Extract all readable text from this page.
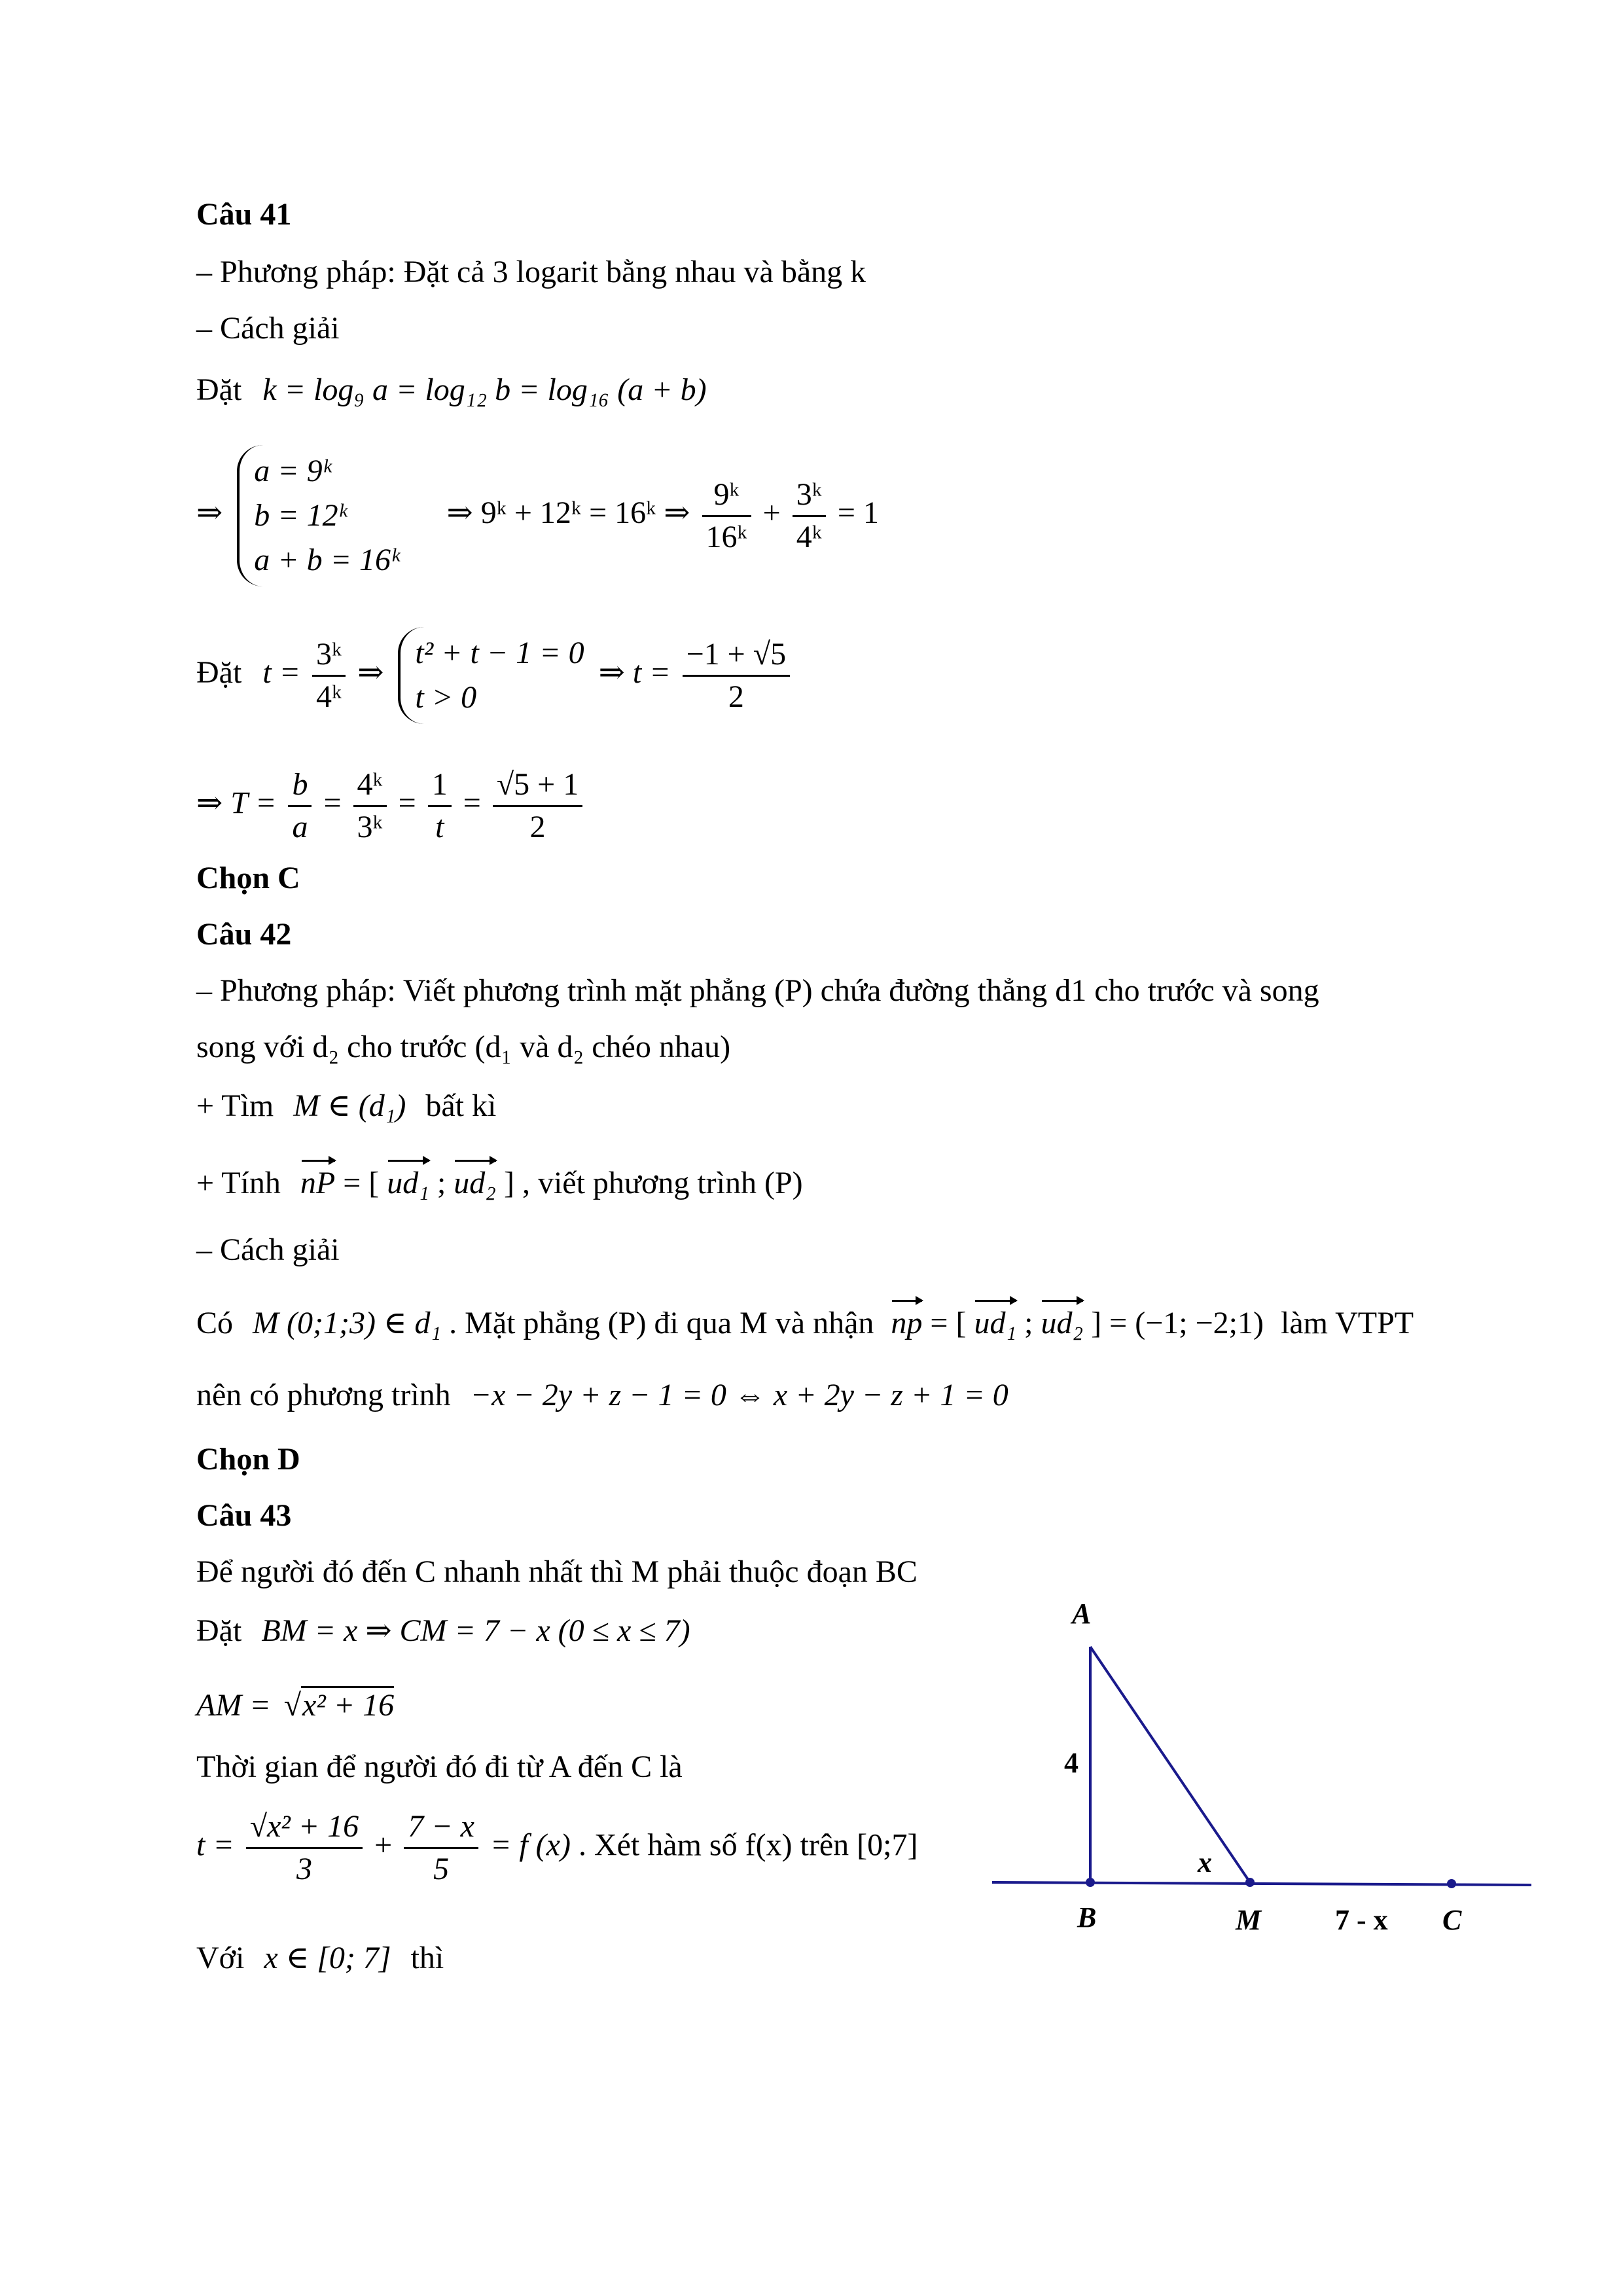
Câu 41
– Phương pháp: Đặt cả 3 logarit bằng nhau và bằng k
– Cách giải
Đặt k = log₉ a = log₁₂ b = log₁₆ (a + b)
⇒
a = 9ᵏ
b = 12ᵏ
a + b = 16ᵏ
⇒ 9ᵏ + 12ᵏ = 16ᵏ ⇒ $\frac{\text{9ᵏ}}{\text{16ᵏ}} + \frac{\text{3ᵏ}}{\text{4ᵏ}} = 1$
Đặt $t = \frac{\text{3ᵏ}}{\text{4ᵏ}}$ ⇒
t² + t − 1 = 0
t > 0
⇒ $t = \frac{-1 + √5}{2}$
⇒ $T = \frac{b}{a} = \frac{\text{4ᵏ}}{\text{3ᵏ}} = \frac{1}{t} = \frac{√5 + 1}{2}$
Chọn C
Câu 42
– Phương pháp: Viết phương trình mặt phẳng (P) chứa đường thẳng d1 cho trước và song
song với d₂ cho trước (d₁ và d₂ chéo nhau)
+ Tìm M ∈ (d₁) bất kì
+ Tính nP = [ ud₁ ; ud₂ ] , viết phương trình (P)
– Cách giải
Có M (0;1;3) ∈ d₁ . Mặt phẳng (P) đi qua M và nhận np = [ ud₁ ; ud₂ ] = (−1; −2;1) làm VTPT
nên có phương trình −x − 2y + z − 1 = 0 ⇔ x + 2y − z + 1 = 0
Chọn D
Câu 43
Để người đó đến C nhanh nhất thì M phải thuộc đoạn BC
Đặt BM = x ⇒ CM = 7 − x (0 ≤ x ≤ 7)
AM = √x² + 16
Thời gian để người đó đi từ A đến C là
$t = \frac{\text{√x² + 16}}{3} + \frac{7 - x}{5} = f$ (x) . Xét hàm số f(x) trên [0;7]
Với x ∈ [0; 7] thì
A
4
x
B	M	7 - x C
